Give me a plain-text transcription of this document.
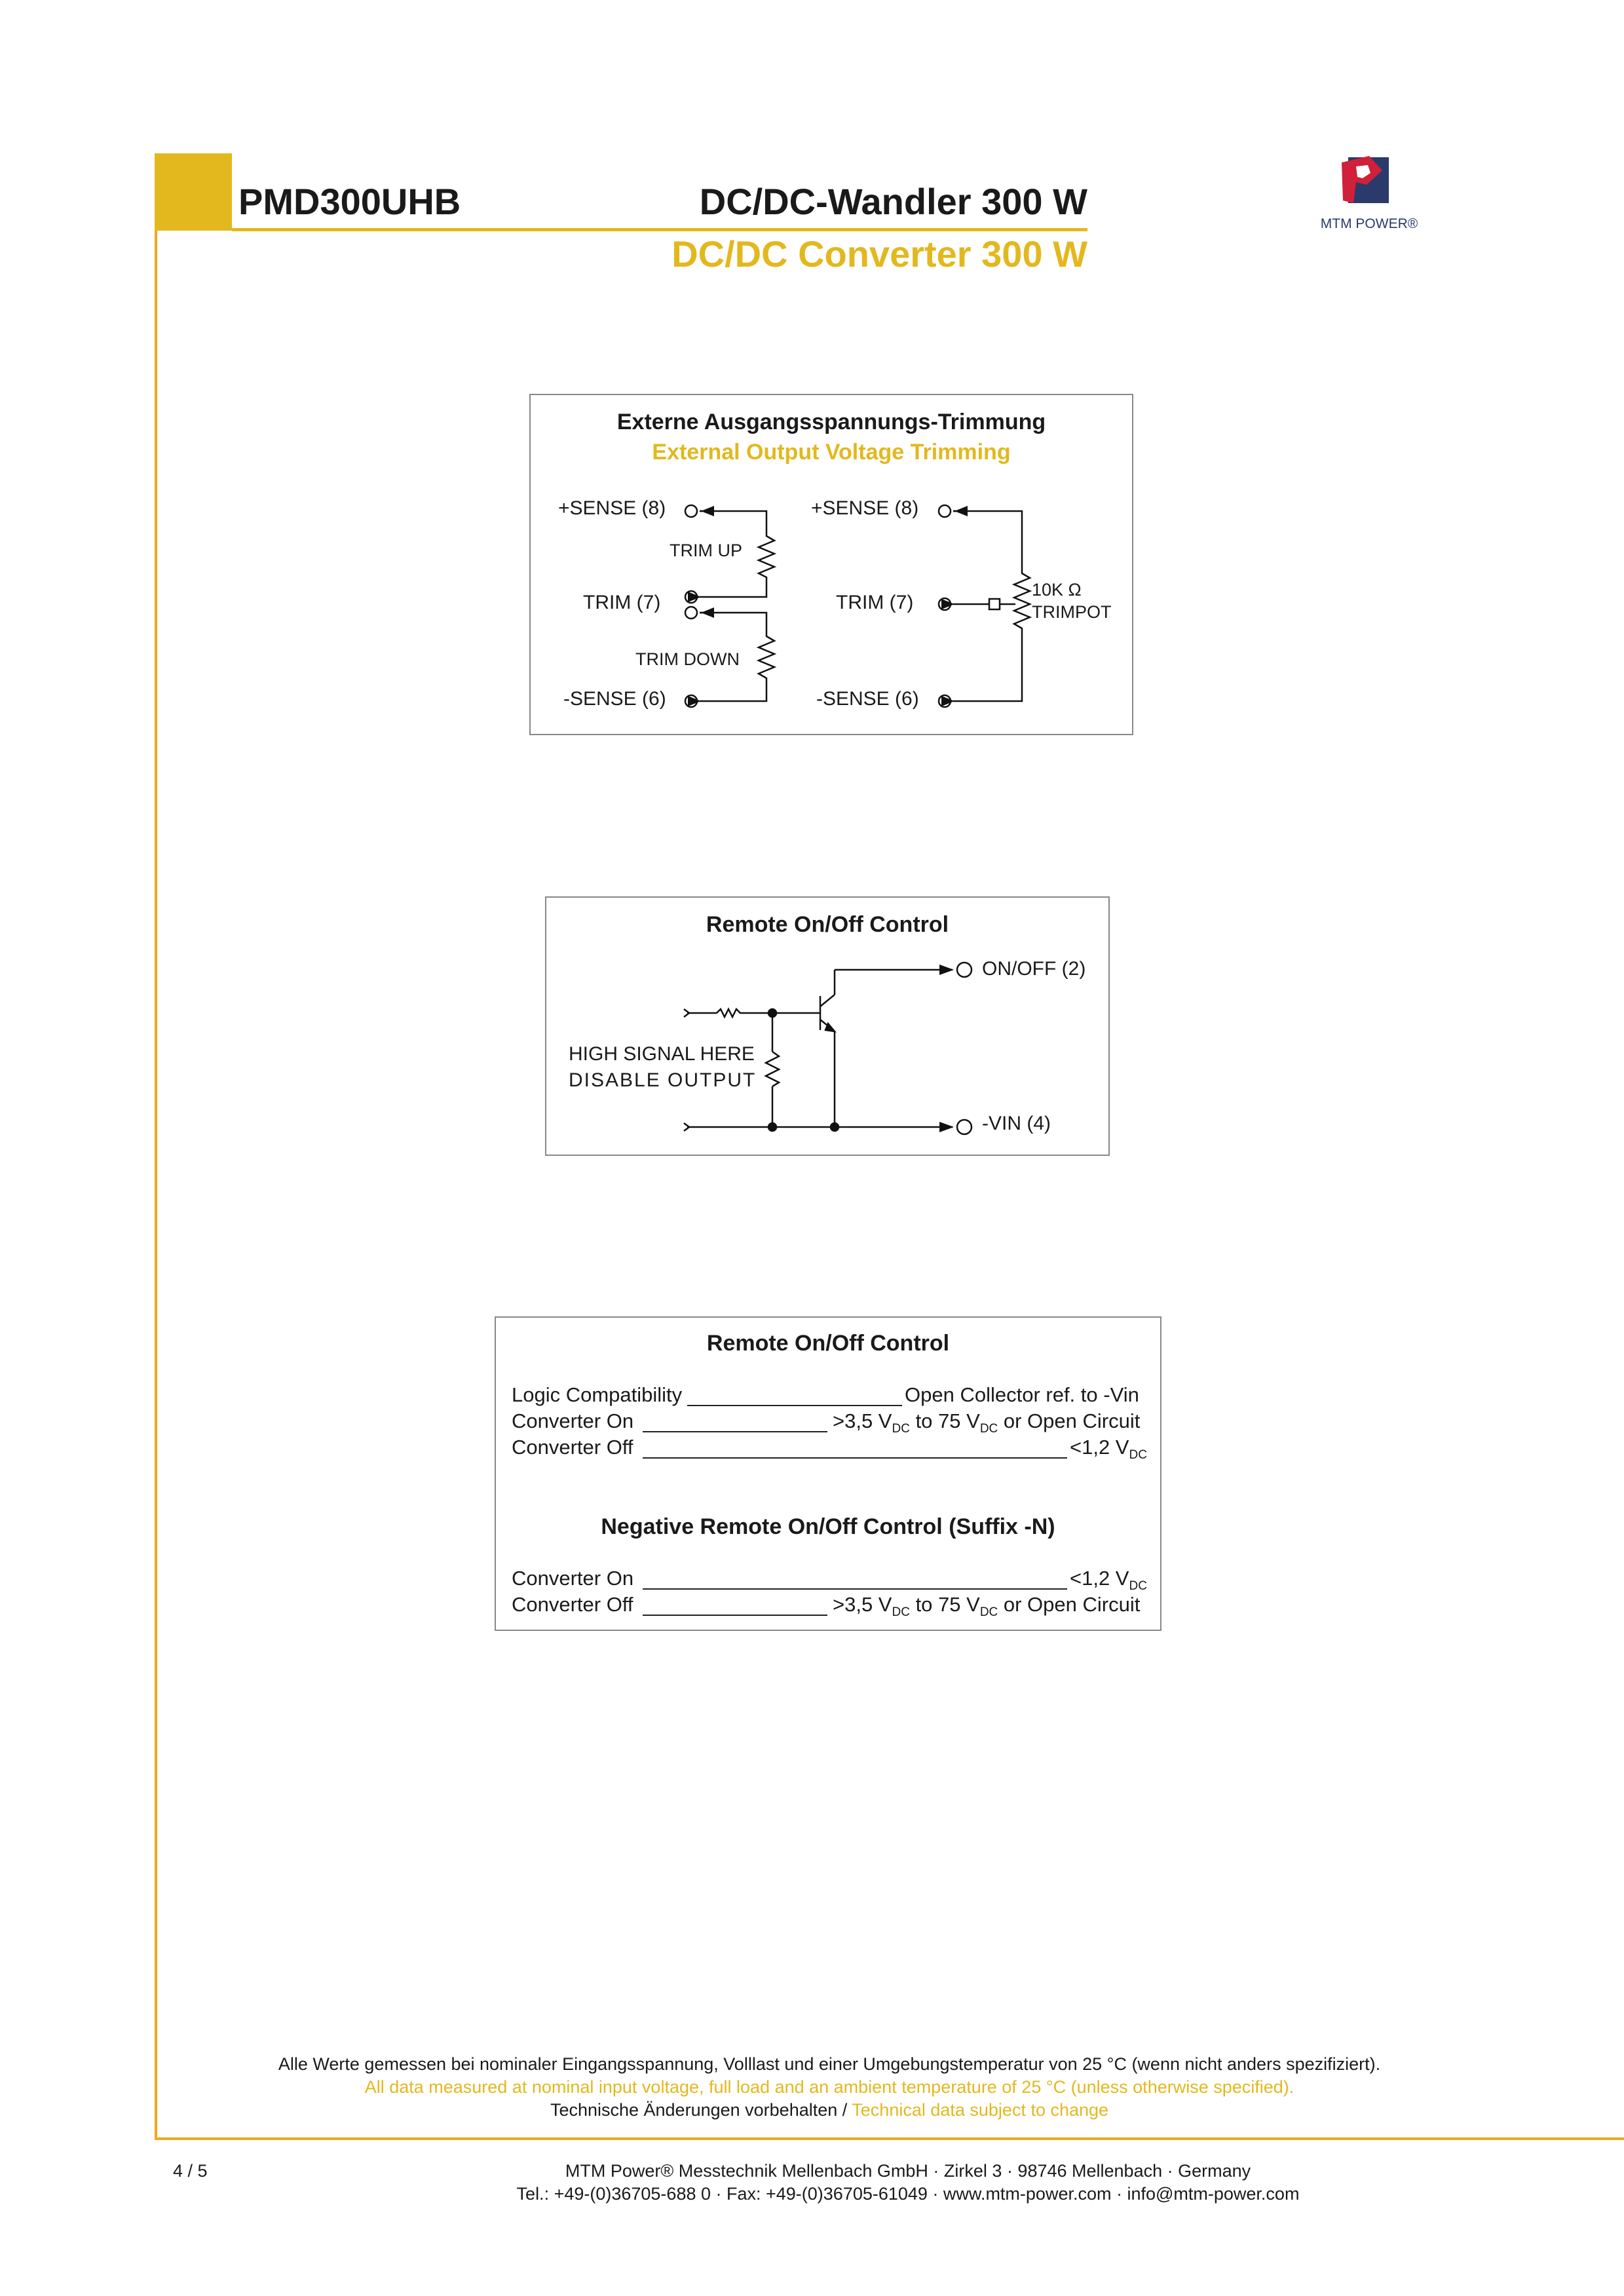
PMD300UHB	DC/DC-Wandler 300 W
DC/DC Converter 300 W
MTM POWER®
Externe Ausgangsspannungs-Trimmung
External Output Voltage Trimming
+SENSE (8)
TRIM UP
TRIM (7)
TRIM DOWN
-SENSE (6)
+SENSE (8)
TRIM (7)
-SENSE (6)
10K Ω
TRIMPOT
Remote On/Off Control
ON/OFF (2)
-VIN (4)
HIGH SIGNAL HERE
DISABLE OUTPUT
Remote On/Off Control
Logic Compatibility	Open Collector ref. to -Vin
Converter On	>3,5 $V_{DC}$ to 75 $V_{DC}$ or Open Circuit
Converter Off	<1,2 $V_{DC}$
Negative Remote On/Off Control (Suffix -N)
Converter On	<1,2 $V_{DC}$
Converter Off	>3,5 $V_{DC}$ to 75 $V_{DC}$ or Open Circuit
Alle Werte gemessen bei nominaler Eingangsspannung, Volllast und einer Umgebungstemperatur von 25 °C (wenn nicht anders spezifiziert).
All data measured at nominal input voltage, full load and an ambient temperature of 25 °C (unless otherwise specified).
Technische Änderungen vorbehalten / Technical data subject to change
4 / 5	MTM Power® Messtechnik Mellenbach GmbH · Zirkel 3 · 98746 Mellenbach · Germany
Tel.: +49-(0)36705-688 0 · Fax: +49-(0)36705-61049 · www.mtm-power.com · info@mtm-power.com
